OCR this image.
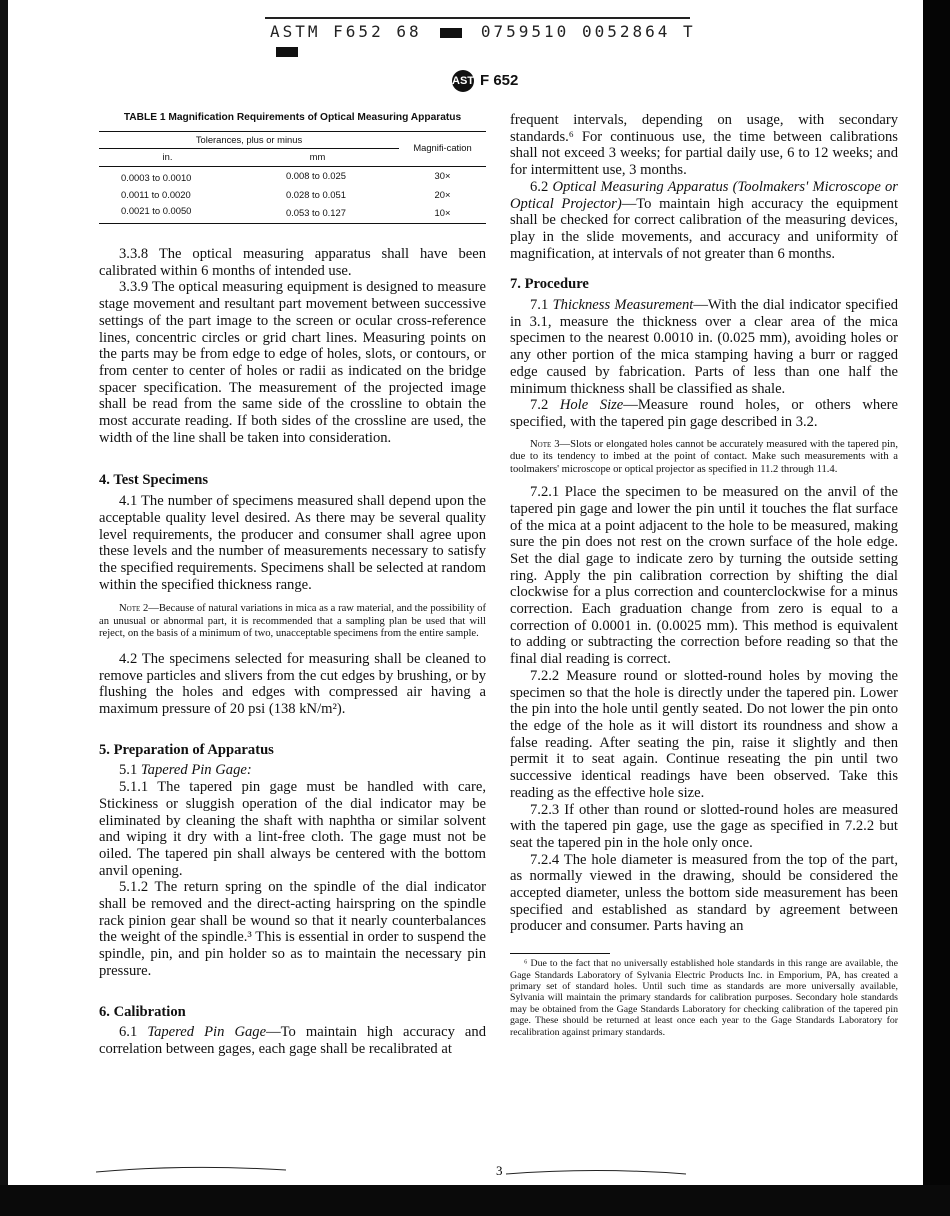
ASTM F652 68	0759510 0052864 T
ASTMF 652
TABLE 1 Magnification Requirements of Optical Measuring Apparatus
Tolerances, plus or minus		Magnifi-cation
in.	mm	
0.0003 to 0.0010	0.008 to 0.025	30×
0.0011 to 0.0020	0.028 to 0.051	20×
0.0021 to 0.0050	0.053 to 0.127	10×

3.3.8 The optical measuring apparatus shall have been calibrated within 6 months of intended use.

3.3.9 The optical measuring equipment is designed to measure stage movement and resultant part movement between successive settings of the part image to the screen or ocular cross-reference lines, concentric circles or grid chart lines. Measuring points on the parts may be from edge to edge of holes, slots, or contours, or from center to center of holes or radii as indicated on the bridge spacer specification. The measurement of the projected image shall be read from the same side of the crossline to obtain the most accurate reading. If both sides of the crossline are used, the width of the line shall be taken into consideration.

4. Test Specimens

4.1 The number of specimens measured shall depend upon the acceptable quality level desired. As there may be several quality level requirements, the producer and consumer shall agree upon these levels and the number of measurements necessary to satisfy the specified requirements. Specimens shall be selected at random within the specified thickness range.

Note 2—Because of natural variations in mica as a raw material, and the possibility of an unusual or abnormal part, it is recommended that a sampling plan be used that will reject, on the basis of a minimum of two, unacceptable specimens from the entire sample.

4.2 The specimens selected for measuring shall be cleaned to remove particles and slivers from the cut edges by brushing, or by flushing the holes and edges with compressed air having a maximum pressure of 20 psi (138 kN/m²).

5. Preparation of Apparatus

5.1 Tapered Pin Gage:

5.1.1 The tapered pin gage must be handled with care, Stickiness or sluggish operation of the dial indicator may be eliminated by cleaning the shaft with naphtha or similar solvent and wiping it dry with a lint-free cloth. The gage must not be oiled. The tapered pin shall always be centered with the bottom anvil opening.

5.1.2 The return spring on the spindle of the dial indicator shall be removed and the direct-acting hairspring on the spindle rack pinion gear shall be wound so that it nearly counterbalances the weight of the spindle.³ This is essential in order to suspend the spindle, pin, and pin holder so as to maintain the necessary pin pressure.

6. Calibration

6.1 Tapered Pin Gage—To maintain high accuracy and correlation between gages, each gage shall be recalibrated at

frequent intervals, depending on usage, with secondary standards.⁶ For continuous use, the time between calibrations shall not exceed 3 weeks; for partial daily use, 6 to 12 weeks; and for intermittent use, 3 months.

6.2 Optical Measuring Apparatus (Toolmakers' Microscope or Optical Projector)—To maintain high accuracy the equipment shall be checked for correct calibration of the measuring devices, play in the slide movements, and accuracy and uniformity of magnification, at intervals of not greater than 6 months.

7. Procedure

7.1 Thickness Measurement—With the dial indicator specified in 3.1, measure the thickness over a clear area of the mica specimen to the nearest 0.0010 in. (0.025 mm), avoiding holes or any other portion of the mica stamping having a burr or ragged edge caused by fabrication. Parts of less than one half the minimum thickness shall be classified as shale.

7.2 Hole Size—Measure round holes, or others where specified, with the tapered pin gage described in 3.2.

Note 3—Slots or elongated holes cannot be accurately measured with the tapered pin, due to its tendency to imbed at the point of contact. Make such measurements with a toolmakers' microscope or optical projector as specified in 11.2 through 11.4.

7.2.1 Place the specimen to be measured on the anvil of the tapered pin gage and lower the pin until it touches the flat surface of the mica at a point adjacent to the hole to be measured, making sure the pin does not rest on the crown surface of the hole edge. Set the dial gage to indicate zero by turning the outside setting ring. Apply the pin calibration correction by shifting the dial clockwise for a plus correction and counterclockwise for a minus correction. Each graduation change from zero is equal to a correction of 0.0001 in. (0.0025 mm). This method is equivalent to adding or subtracting the correction before reading so that the final dial reading is correct.

7.2.2 Measure round or slotted-round holes by moving the specimen so that the hole is directly under the tapered pin. Lower the pin into the hole until gently seated. Do not lower the pin onto the edge of the hole as it will distort its roundness and show a false reading. After seating the pin, raise it slightly and then permit it to seat again. Continue reseating the pin until two successive identical readings have been observed. Take this reading as the effective hole size.

7.2.3 If other than round or slotted-round holes are measured with the tapered pin gage, use the gage as specified in 7.2.2 but seat the tapered pin in the hole only once.

7.2.4 The hole diameter is measured from the top of the part, as normally viewed in the drawing, should be considered the accepted diameter, unless the bottom side measurement has been specified and established as standard by agreement between producer and consumer. Parts having an

⁶ Due to the fact that no universally established hole standards in this range are available, the Gage Standards Laboratory of Sylvania Electric Products Inc. in Emporium, PA, has created a primary set of standard holes. Until such time as standards are more universally available, Sylvania will maintain the primary standards for calibration purposes. Secondary hole standards may be obtained from the Gage Standards Laboratory for checking calibration of the tapered pin gage. These should be returned at least once each year to the Gage Standards Laboratory for recalibration against primary standards.

3
